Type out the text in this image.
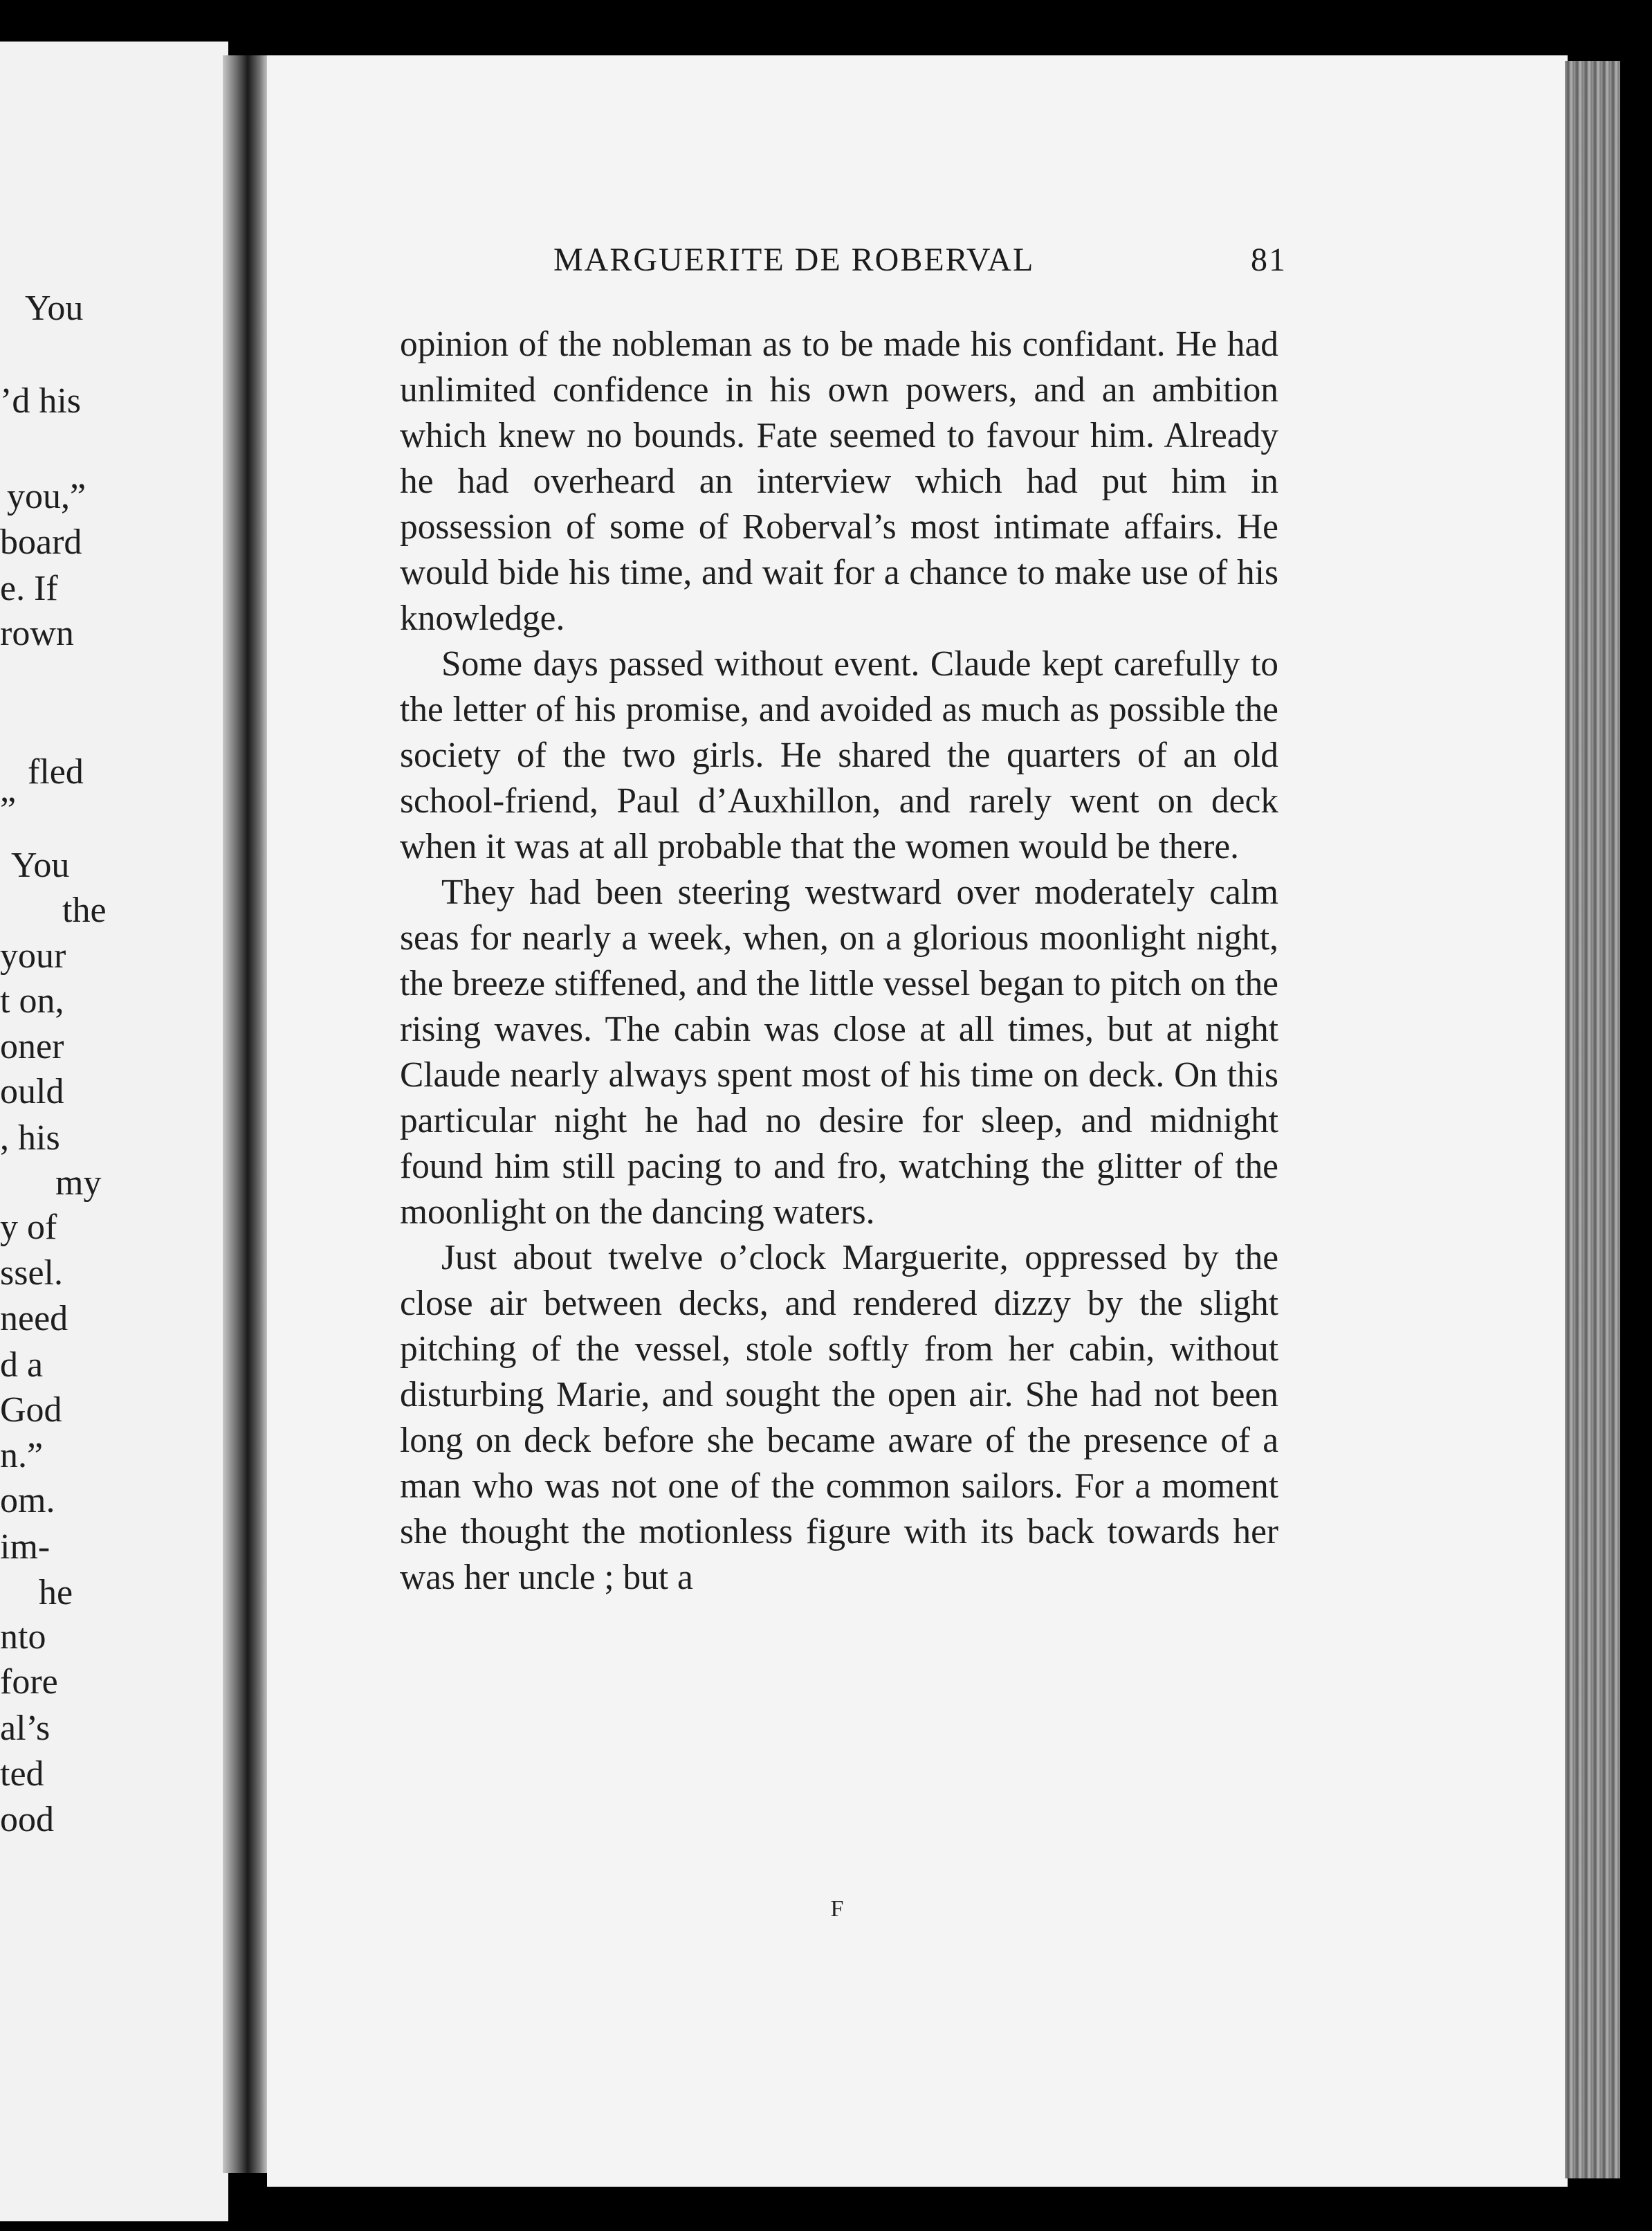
You
’d his
you,”
board
e. If
rown
fled
”
You
the
your
t on,
oner
ould
, his
my
y of
ssel.
need
d a
God
n.”
om.
im-
he
nto
fore
al’s
ted
ood
MARGUERITE DE ROBERVAL	81

opinion of the nobleman as to be made his confidant. He had unlimited confidence in his own powers, and an ambition which knew no bounds. Fate seemed to favour him. Already he had overheard an interview which had put him in possession of some of Roberval’s most intimate affairs. He would bide his time, and wait for a chance to make use of his knowledge.

Some days passed without event. Claude kept carefully to the letter of his promise, and avoided as much as possible the society of the two girls. He shared the quarters of an old school-friend, Paul d’Auxhillon, and rarely went on deck when it was at all probable that the women would be there.

They had been steering westward over moderately calm seas for nearly a week, when, on a glorious moonlight night, the breeze stiffened, and the little vessel began to pitch on the rising waves. The cabin was close at all times, but at night Claude nearly always spent most of his time on deck. On this particular night he had no desire for sleep, and midnight found him still pacing to and fro, watching the glitter of the moonlight on the dancing waters.

Just about twelve o’clock Marguerite, oppressed by the close air between decks, and rendered dizzy by the slight pitching of the vessel, stole softly from her cabin, without disturbing Marie, and sought the open air. She had not been long on deck before she became aware of the presence of a man who was not one of the common sailors. For a moment she thought the motionless figure with its back towards her was her uncle ; but a

F
